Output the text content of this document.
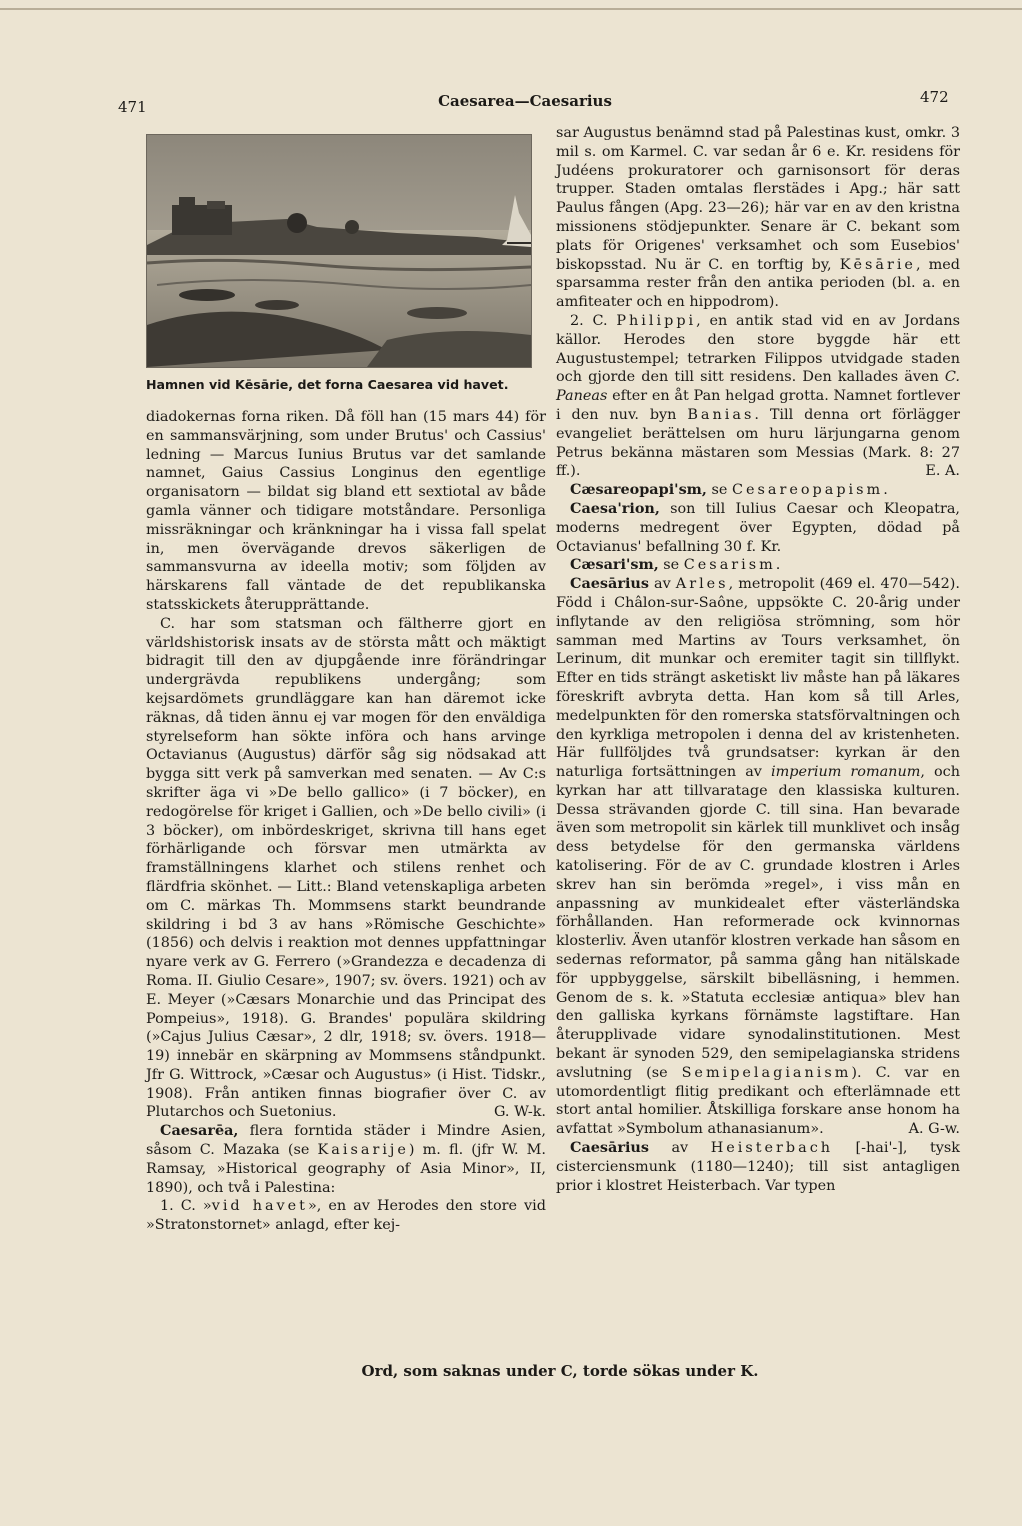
471	Caesarea—Caesarius	472
Hamnen vid Kēsārie, det forna Caesarea vid havet.

diadokernas forna riken. Då föll han (15 mars 44) för en sammansvärjning, som under Brutus' och Cassius' ledning — Marcus Iunius Brutus var det samlande namnet, Gaius Cassius Longinus den egentlige organisatorn — bildat sig bland ett sextiotal av både gamla vänner och tidigare motståndare. Personliga missräkningar och kränkningar ha i vissa fall spelat in, men övervägande drevos säkerligen de sammansvurna av ideella motiv; som följden av härskarens fall väntade de det republikanska statsskickets återupprättande.

C. har som statsman och fältherre gjort en världshistorisk insats av de största mått och mäktigt bidragit till den av djupgående inre förändringar undergrävda republikens undergång; som kejsardömets grundläggare kan han däremot icke räknas, då tiden ännu ej var mogen för den enväldiga styrelseform han sökte införa och hans arvinge Octavianus (Augustus) därför såg sig nödsakad att bygga sitt verk på samverkan med senaten. — Av C:s skrifter äga vi »De bello gallico» (i 7 böcker), en redogörelse för kriget i Gallien, och »De bello civili» (i 3 böcker), om inbördeskriget, skrivna till hans eget förhärligande och försvar men utmärkta av framställningens klarhet och stilens renhet och flärdfria skönhet. — Litt.: Bland vetenskapliga arbeten om C. märkas Th. Mommsens starkt beundrande skildring i bd 3 av hans »Römische Geschichte» (1856) och delvis i reaktion mot dennes uppfattningar nyare verk av G. Ferrero (»Grandezza e decadenza di Roma. II. Giulio Cesare», 1907; sv. övers. 1921) och av E. Meyer (»Cæsars Monarchie und das Principat des Pompeius», 1918). G. Brandes' populära skildring (»Cajus Julius Cæsar», 2 dlr, 1918; sv. övers. 1918—19) innebär en skärpning av Mommsens ståndpunkt. Jfr G. Wittrock, »Cæsar och Augustus» (i Hist. Tidskr., 1908). Från antiken finnas biografier över C. av Plutarchos och Suetonius.	G. W-k.

Caesarēa, flera forntida städer i Mindre Asien, såsom C. Mazaka (se Kaisarije) m. fl. (jfr W. M. Ramsay, »Historical geography of Asia Minor», II, 1890), och två i Palestina:

1. C. »vid havet», en av Herodes den store vid »Stratonstornet» anlagd, efter kej-

sar Augustus benämnd stad på Palestinas kust, omkr. 3 mil s. om Karmel. C. var sedan år 6 e. Kr. residens för Judéens prokuratorer och garnisonsort för deras trupper. Staden omtalas flerstädes i Apg.; här satt Paulus fången (Apg. 23—26); här var en av den kristna missionens stödjepunkter. Senare är C. bekant som plats för Origenes' verksamhet och som Eusebios' biskopsstad. Nu är C. en torftig by, Kēsārie, med sparsamma rester från den antika perioden (bl. a. en amfiteater och en hippodrom).

2. C. Philippi, en antik stad vid en av Jordans källor. Herodes den store byggde här ett Augustustempel; tetrarken Filippos utvidgade staden och gjorde den till sitt residens. Den kallades även C. Paneas efter en åt Pan helgad grotta. Namnet fortlever i den nuv. byn Banias. Till denna ort förlägger evangeliet berättelsen om huru lärjungarna genom Petrus bekänna mästaren som Messias (Mark. 8: 27 ff.).	E. A.

Cæsareopapi'sm, se Cesareopapism.

Caesa'rion, son till Iulius Caesar och Kleopatra, moderns medregent över Egypten, dödad på Octavianus' befallning 30 f. Kr.

Cæsari'sm, se Cesarism.

Caesārius av Arles, metropolit (469 el. 470—542). Född i Châlon-sur-Saône, uppsökte C. 20-årig under inflytande av den religiösa strömning, som hör samman med Martins av Tours verksamhet, ön Lerinum, dit munkar och eremiter tagit sin tillflykt. Efter en tids strängt asketiskt liv måste han på läkares föreskrift avbryta detta. Han kom så till Arles, medelpunkten för den romerska statsförvaltningen och den kyrkliga metropolen i denna del av kristenheten. Här fullföljdes två grundsatser: kyrkan är den naturliga fortsättningen av imperium romanum, och kyrkan har att tillvaratage den klassiska kulturen. Dessa strävanden gjorde C. till sina. Han bevarade även som metropolit sin kärlek till munklivet och insåg dess betydelse för den germanska världens katolisering. För de av C. grundade klostren i Arles skrev han sin berömda »regel», i viss mån en anpassning av munkidealet efter västerländska förhållanden. Han reformerade ock kvinnornas klosterliv. Även utanför klostren verkade han såsom en sedernas reformator, på samma gång han nitälskade för uppbyggelse, särskilt bibelläsning, i hemmen. Genom de s. k. »Statuta ecclesiæ antiqua» blev han den galliska kyrkans förnämste lagstiftare. Han återupplivade vidare synodalinstitutionen. Mest bekant är synoden 529, den semipelagianska stridens avslutning (se Semipelagianism). C. var en utomordentligt flitig predikant och efterlämnade ett stort antal homilier. Åtskilliga forskare anse honom ha avfattat »Symbolum athanasianum».	A. G-w.

Caesārius av Heisterbach [-hai'-], tysk cisterciensmunk (1180—1240); till sist antagligen prior i klostret Heisterbach. Var typen

Ord, som saknas under C, torde sökas under K.
